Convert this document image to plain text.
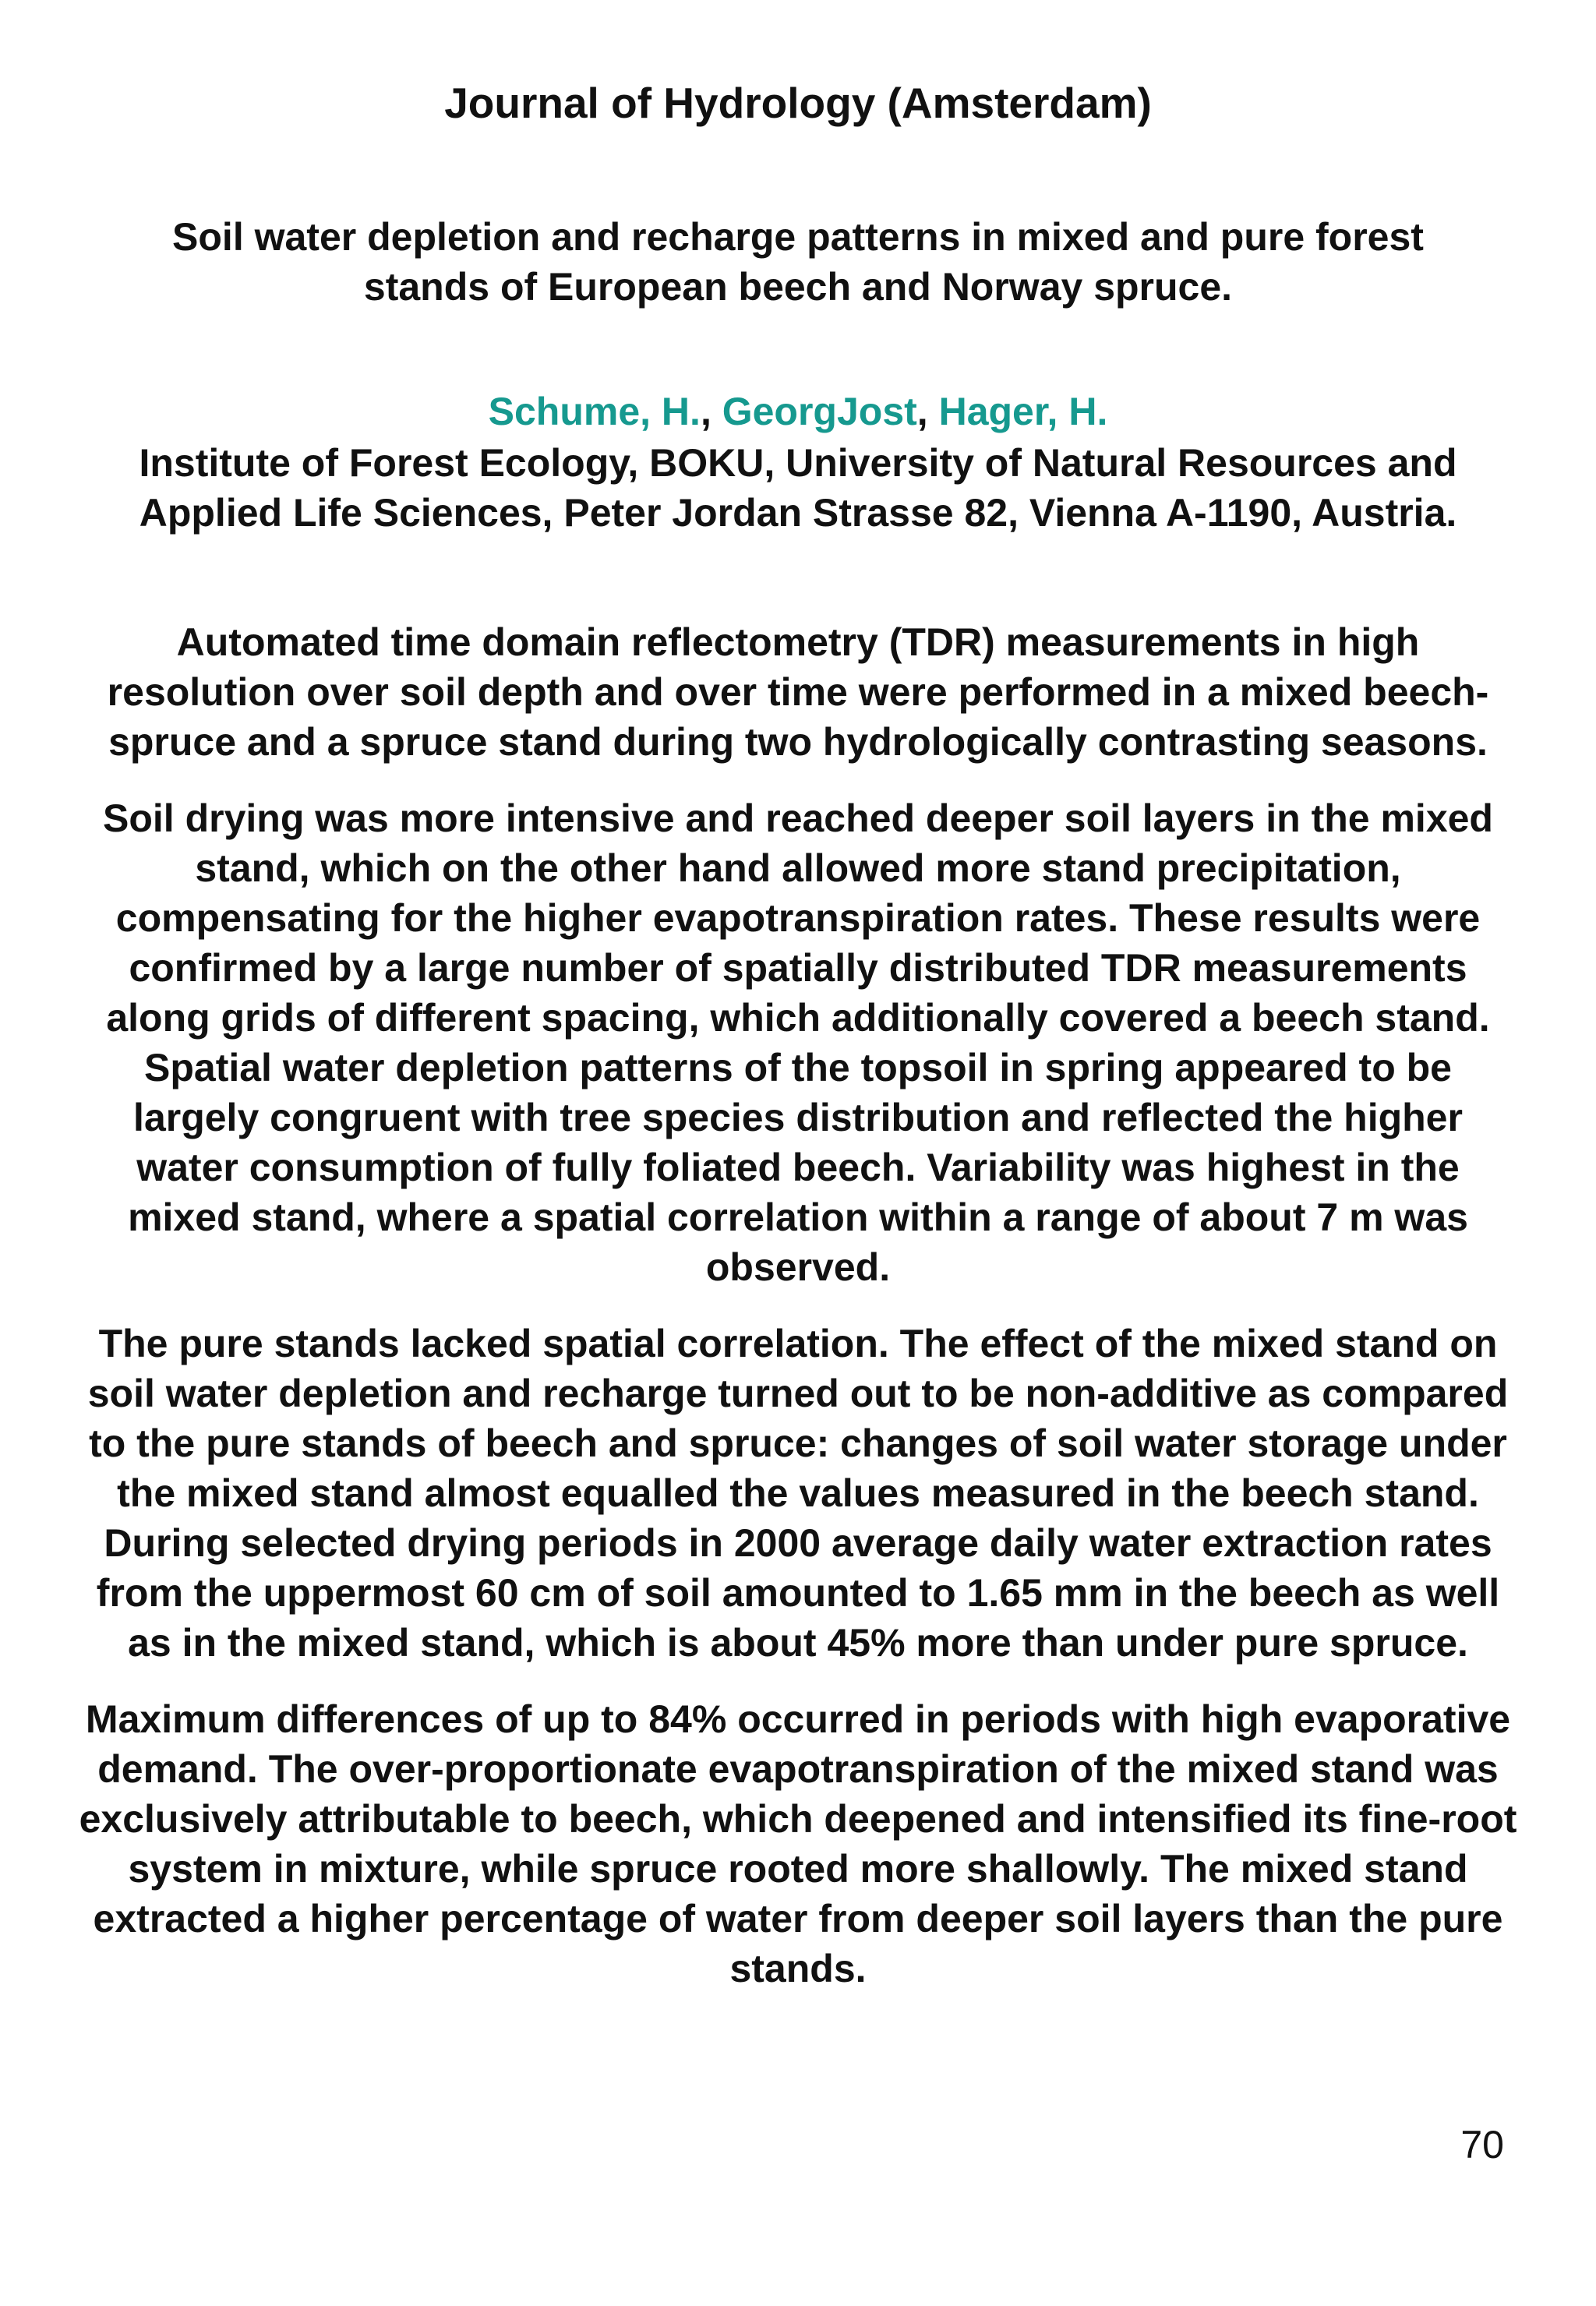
Journal of Hydrology (Amsterdam)
Soil water depletion and recharge patterns in mixed and pure forest
stands of European beech and Norway spruce.
Schume, H., GeorgJost, Hager, H.
Institute of Forest Ecology, BOKU, University of Natural Resources and
Applied Life Sciences, Peter Jordan Strasse 82, Vienna A-1190, Austria.

Automated time domain reflectometry (TDR) measurements in high resolution over soil depth and over time were performed in a mixed beech-spruce and a spruce stand during two hydrologically contrasting seasons.

Soil drying was more intensive and reached deeper soil layers in the mixed stand, which on the other hand allowed more stand precipitation, compensating for the higher evapotranspiration rates. These results were confirmed by a large number of spatially distributed TDR measurements along grids of different spacing, which additionally covered a beech stand. Spatial water depletion patterns of the topsoil in spring appeared to be largely congruent with tree species distribution and reflected the higher water consumption of fully foliated beech. Variability was highest in the mixed stand, where a spatial correlation within a range of about 7 m was observed.

The pure stands lacked spatial correlation. The effect of the mixed stand on soil water depletion and recharge turned out to be non-additive as compared to the pure stands of beech and spruce: changes of soil water storage under the mixed stand almost equalled the values measured in the beech stand. During selected drying periods in 2000 average daily water extraction rates from the uppermost 60 cm of soil amounted to 1.65 mm in the beech as well as in the mixed stand, which is about 45% more than under pure spruce.

Maximum differences of up to 84% occurred in periods with high evaporative demand. The over-proportionate evapotranspiration of the mixed stand was exclusively attributable to beech, which deepened and intensified its fine-root system in mixture, while spruce rooted more shallowly. The mixed stand extracted a higher percentage of water from deeper soil layers than the pure stands.

70
